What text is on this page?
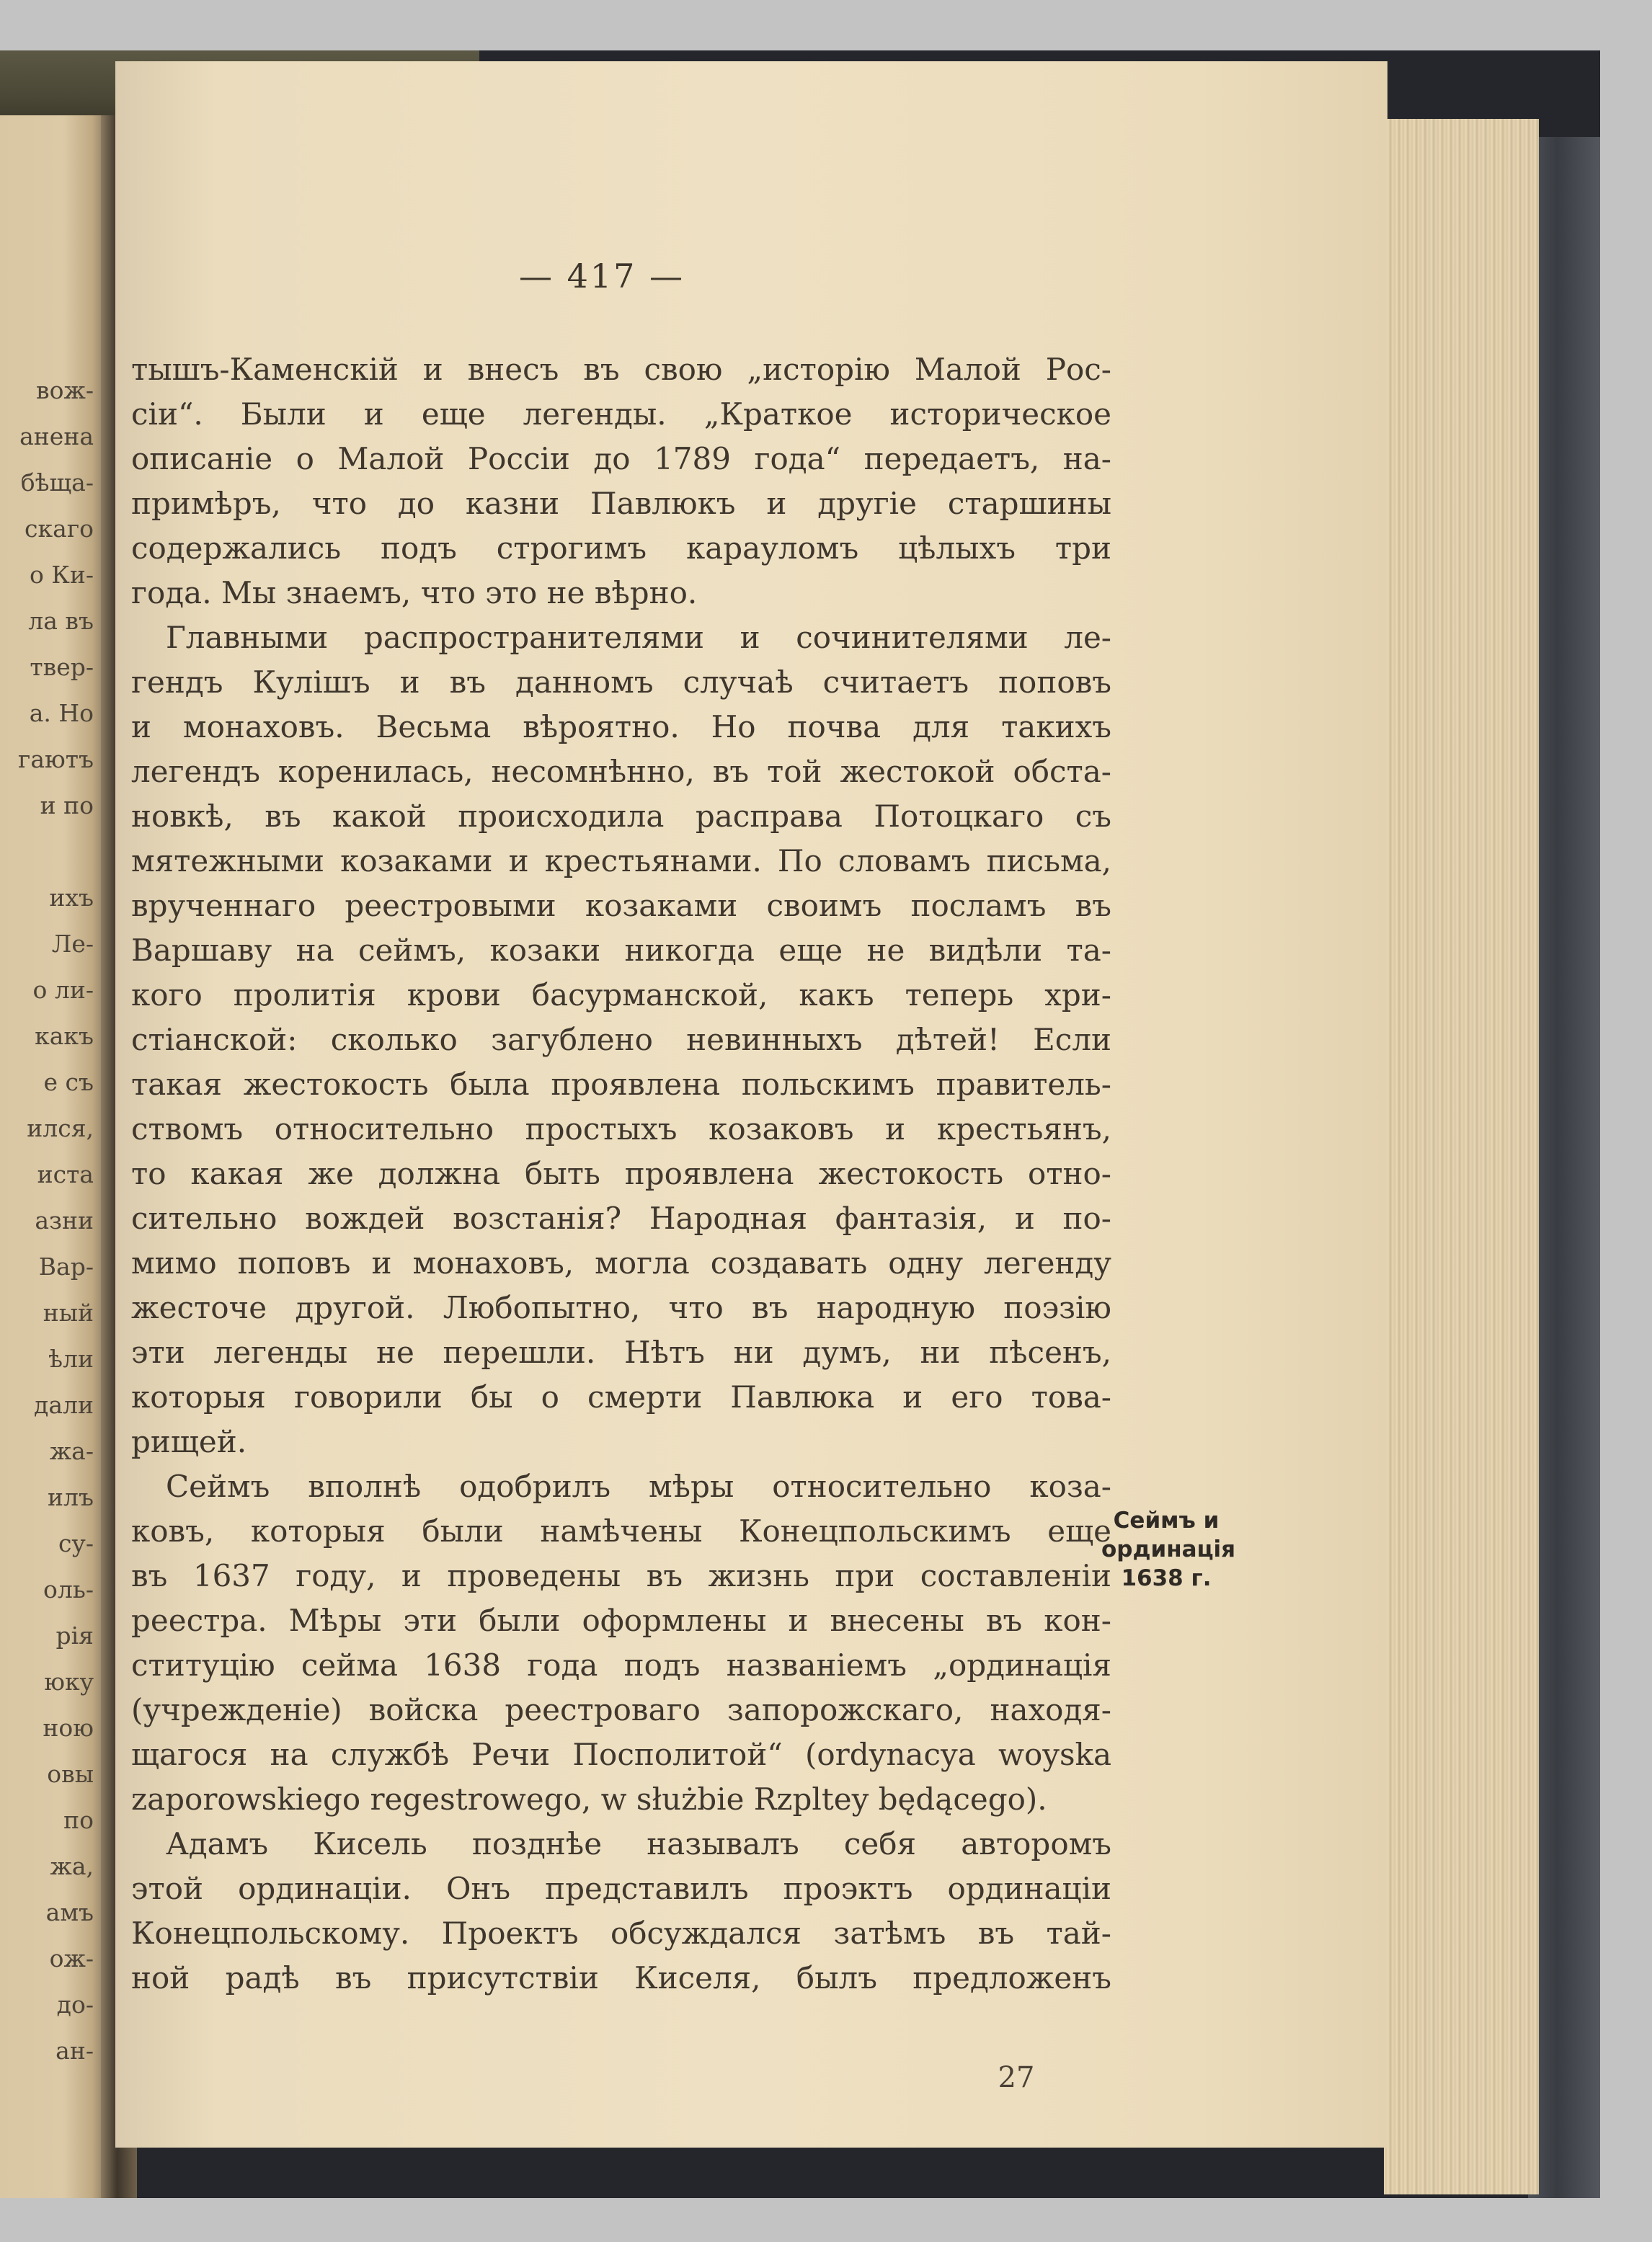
вож-
анена
бѣща-
скаго
о Ки-
ла въ
твер-
а. Но
гаютъ
и по
ихъ
Ле-
о ли-
какъ
е съ
ился,
иста
азни
Вар-
ный
ѣли
дали
жа-
илъ
су-
оль-
рія
юку
ною
овы
по
жа,
амъ
ож-
до-
ан-
— 417 —
тышъ-Каменскій и внесъ въ свою „исторію Малой Рос-
сіи“. Были и еще легенды. „Краткое историческое
описаніе о Малой Россіи до 1789 года“ передаетъ, на-
примѣръ, что до казни Павлюкъ и другіе старшины
содержались подъ строгимъ карауломъ цѣлыхъ три
года. Мы знаемъ, что это не вѣрно.
Главными распространителями и сочинителями ле-
гендъ Кулішъ и въ данномъ случаѣ считаетъ поповъ
и монаховъ. Весьма вѣроятно. Но почва для такихъ
легендъ коренилась, несомнѣнно, въ той жестокой обста-
новкѣ, въ какой происходила расправа Потоцкаго съ
мятежными козаками и крестьянами. По словамъ письма,
врученнаго реестровыми козаками своимъ посламъ въ
Варшаву на сеймъ, козаки никогда еще не видѣли та-
кого пролитія крови басурманской, какъ теперь хри-
стіанской: сколько загублено невинныхъ дѣтей! Если
такая жестокость была проявлена польскимъ правитель-
ствомъ относительно простыхъ козаковъ и крестьянъ,
то какая же должна быть проявлена жестокость отно-
сительно вождей возстанія? Народная фантазія, и по-
мимо поповъ и монаховъ, могла создавать одну легенду
жесточе другой. Любопытно, что въ народную поэзію
эти легенды не перешли. Нѣтъ ни думъ, ни пѣсенъ,
которыя говорили бы о смерти Павлюка и его това-
рищей.
Сеймъ вполнѣ одобрилъ мѣры относительно коза-
ковъ, которыя были намѣчены Конецпольскимъ еще
въ 1637 году, и проведены въ жизнь при составленіи
реестра. Мѣры эти были оформлены и внесены въ кон-
ституцію сейма 1638 года подъ названіемъ „ординація
(учрежденіе) войска реестроваго запорожскаго, находя-
щагося на службѣ Речи Посполитой“ (ordynacya woyska
zaporowskiego regestrowego, w służbie Rzpltey będącego).
Адамъ Кисель позднѣе называлъ себя авторомъ
этой ординаціи. Онъ представилъ проэктъ ординаціи
Конецпольскому. Проектъ обсуждался затѣмъ въ тай-
ной радѣ въ присутствіи Киселя, былъ предложенъ
Сеймъ и
ординація
1638 г.
27
